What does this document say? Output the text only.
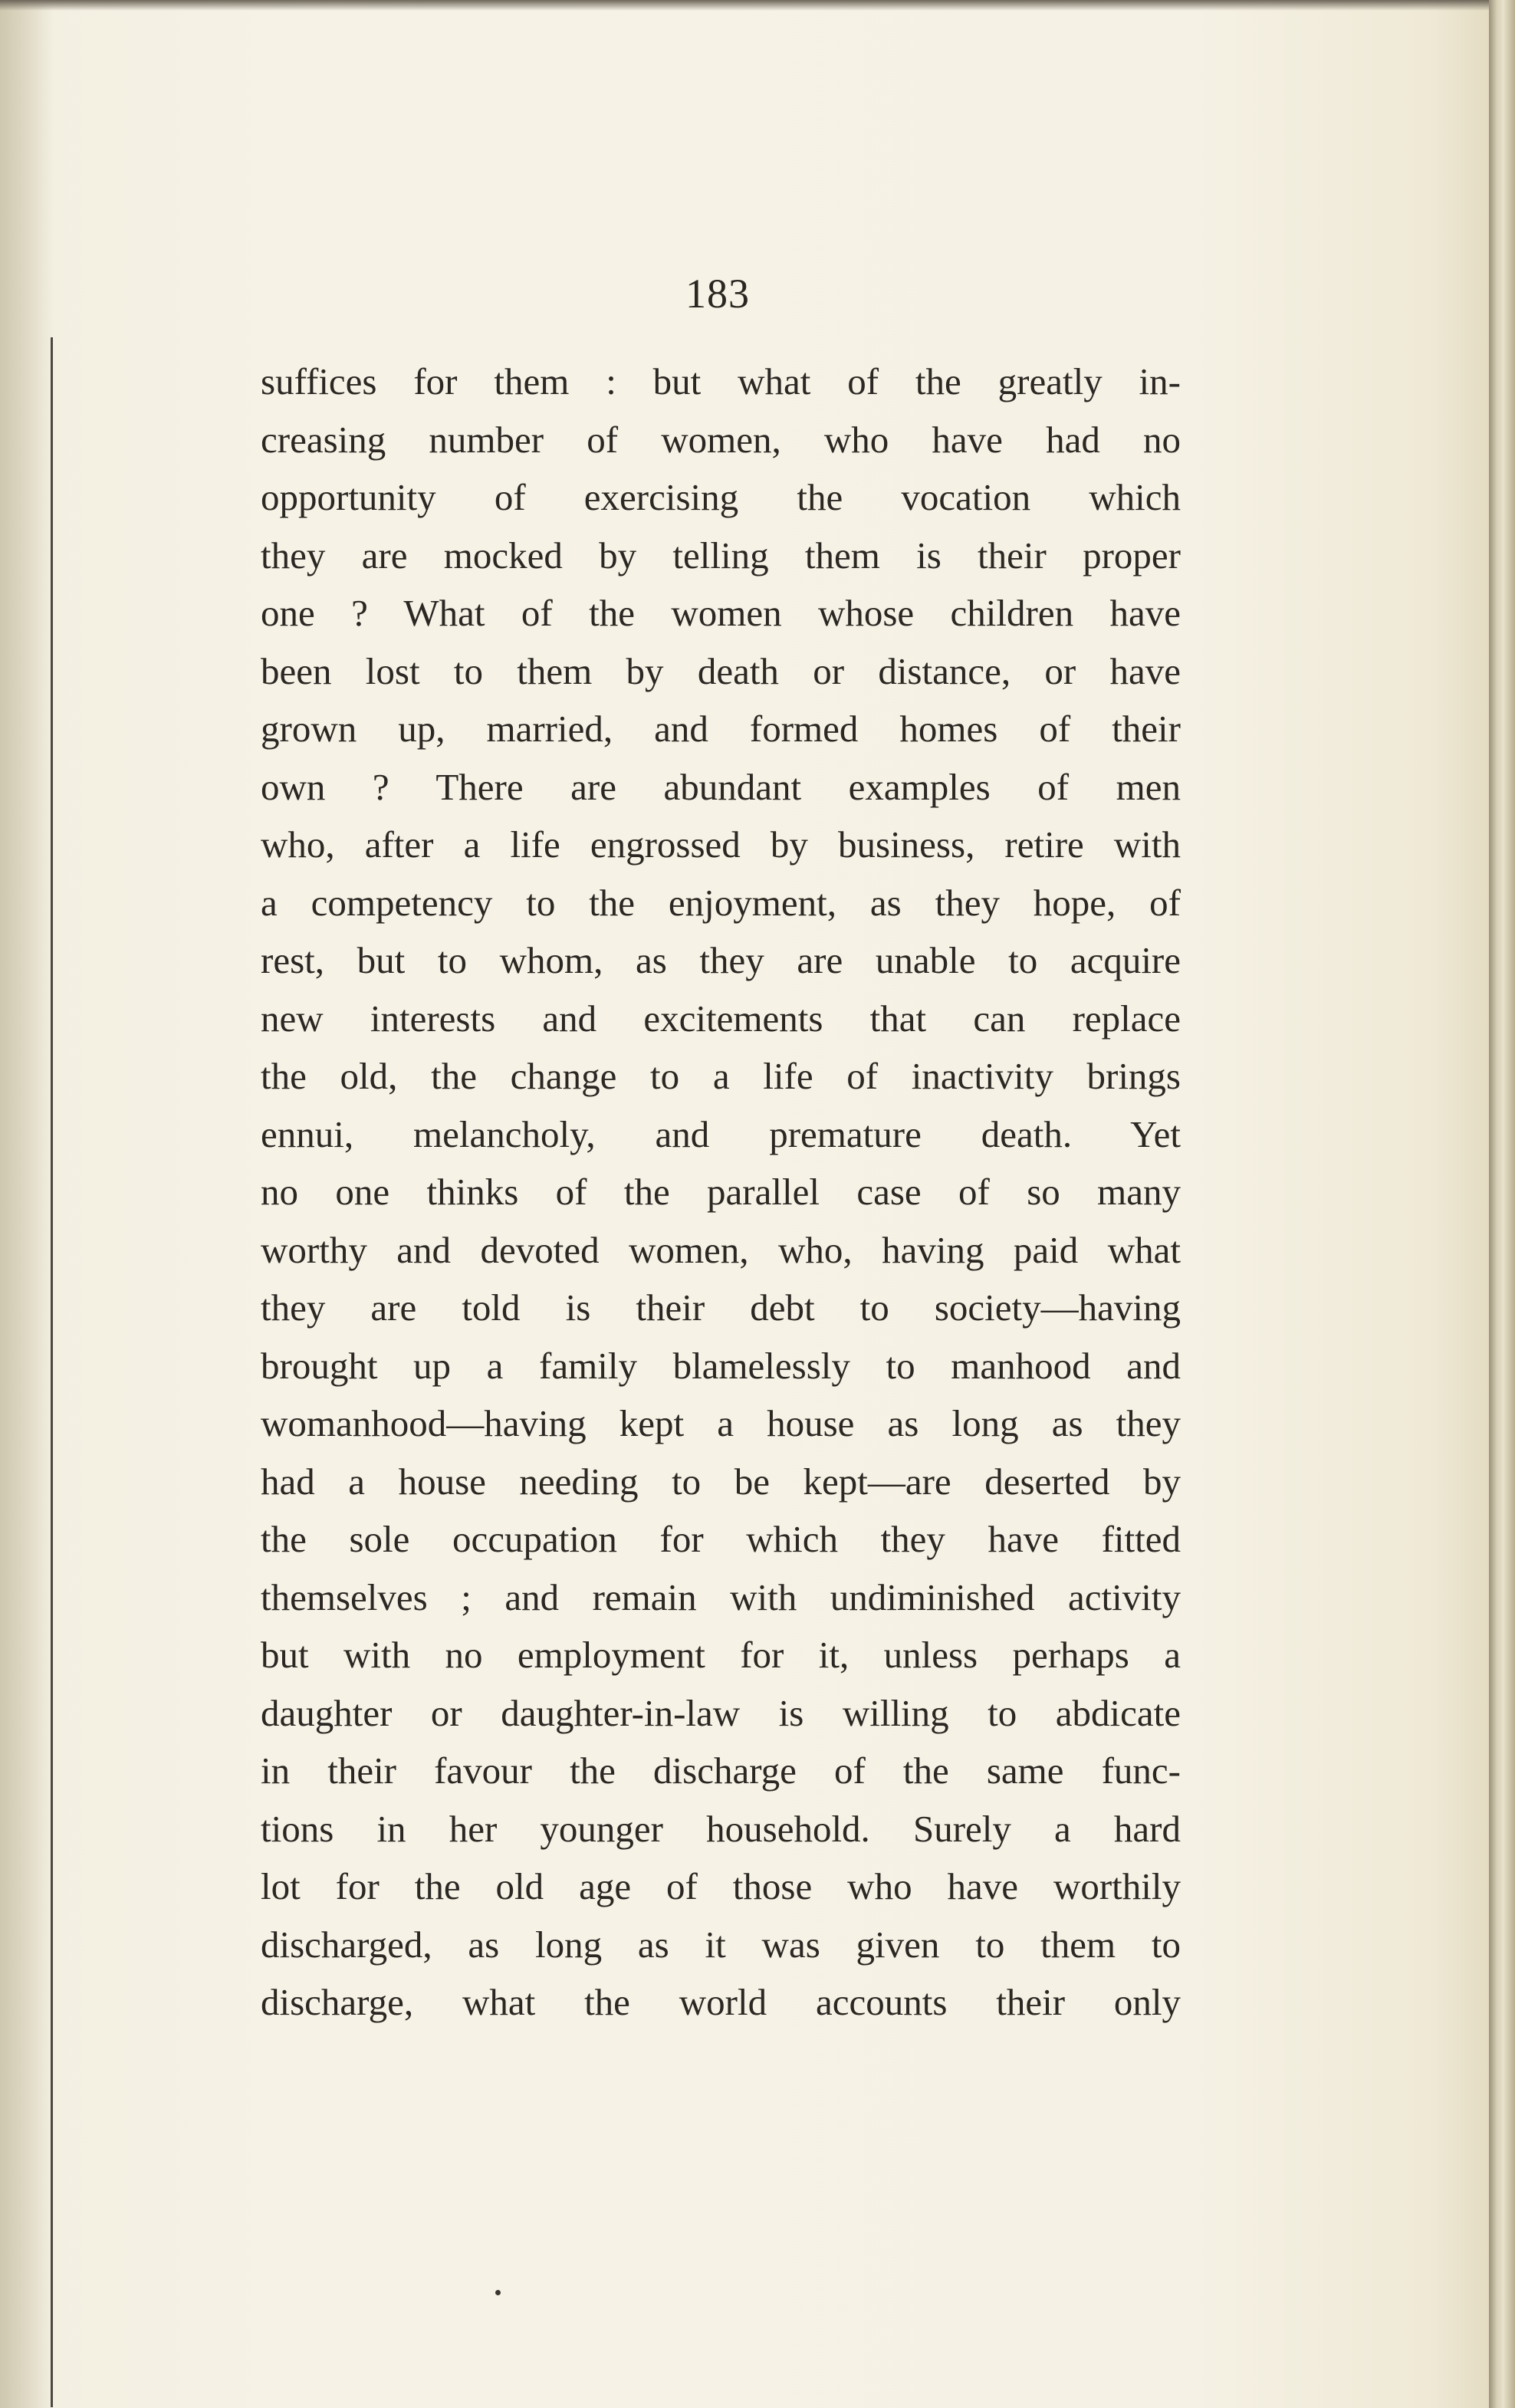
183
suffices for them : but what of the greatly in-
creasing number of women, who have had no
opportunity of exercising the vocation which
they are mocked by telling them is their proper
one ? What of the women whose children have
been lost to them by death or distance, or have
grown up, married, and formed homes of their
own ? There are abundant examples of men
who, after a life engrossed by business, retire with
a competency to the enjoyment, as they hope, of
rest, but to whom, as they are unable to acquire
new interests and excitements that can replace
the old, the change to a life of inactivity brings
ennui, melancholy, and premature death. Yet
no one thinks of the parallel case of so many
worthy and devoted women, who, having paid what
they are told is their debt to society—having
brought up a family blamelessly to manhood and
womanhood—having kept a house as long as they
had a house needing to be kept—are deserted by
the sole occupation for which they have fitted
themselves ; and remain with undiminished activity
but with no employment for it, unless perhaps a
daughter or daughter-in-law is willing to abdicate
in their favour the discharge of the same func-
tions in her younger household. Surely a hard
lot for the old age of those who have worthily
discharged, as long as it was given to them to
discharge, what the world accounts their only
